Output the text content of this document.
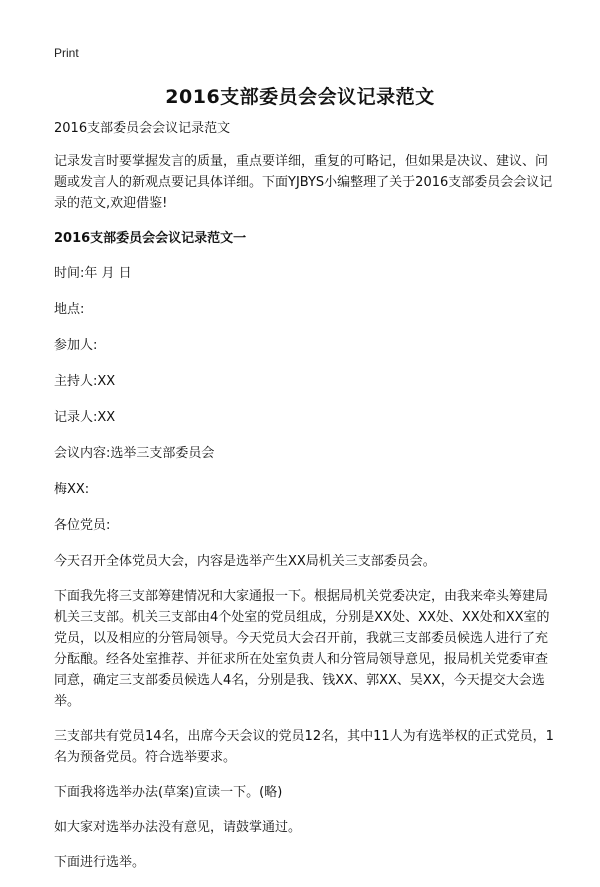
Print
2016支部委员会会议记录范文

2016支部委员会会议记录范文

记录发言时要掌握发言的质量，重点要详细，重复的可略记，但如果是决议、建议、问题或发言人的新观点要记具体详细。下面YJBYS小编整理了关于2016支部委员会会议记录的范文,欢迎借鉴!

2016支部委员会会议记录范文一

时间:年 月 日

地点:

参加人:

主持人:XX

记录人:XX

会议内容:选举三支部委员会

梅XX:

各位党员:

今天召开全体党员大会，内容是选举产生XX局机关三支部委员会。

下面我先将三支部筹建情况和大家通报一下。根据局机关党委决定，由我来牵头筹建局机关三支部。机关三支部由4个处室的党员组成，分别是XX处、XX处、XX处和XX室的党员，以及相应的分管局领导。今天党员大会召开前，我就三支部委员候选人进行了充分酝酿。经各处室推荐、并征求所在处室负责人和分管局领导意见，报局机关党委审查同意，确定三支部委员候选人4名，分别是我、钱XX、郭XX、吴XX，今天提交大会选举。

三支部共有党员14名，出席今天会议的党员12名，其中11人为有选举权的正式党员，1名为预备党员。符合选举要求。

下面我将选举办法(草案)宣读一下。(略)

如大家对选举办法没有意见，请鼓掌通过。

下面进行选举。
